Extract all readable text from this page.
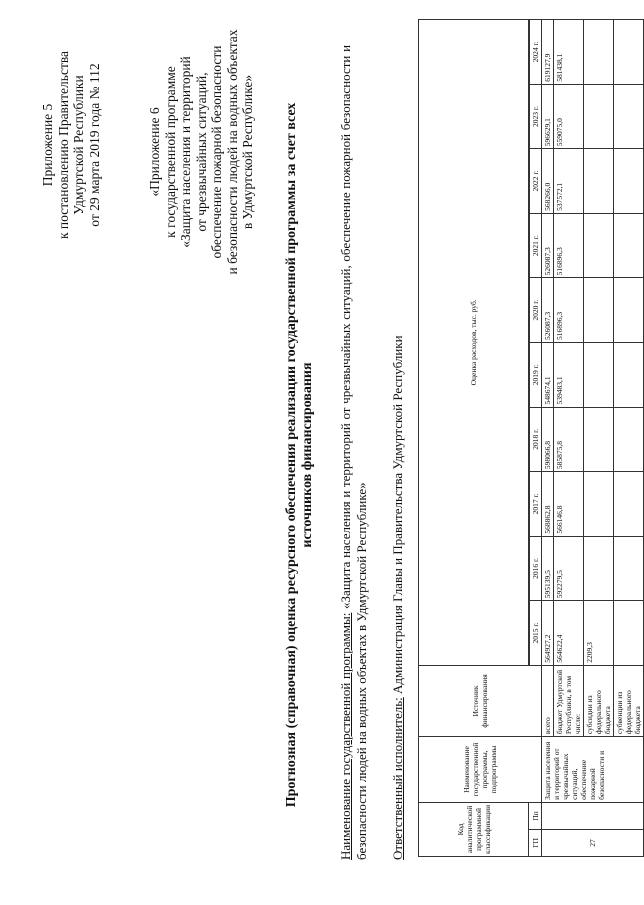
Приложение 5 к постановлению Правительства Удмуртской Республики от 29 марта 2019 года № 112	«Приложение 6 к государственной программе «Защита населения и территорий от чрезвычайных ситуаций, обеспечение пожарной безопасности и безопасности людей на водных объектах в Удмуртской Республике» Прогнозная (справочная) оценка ресурсного обеспечения реализации государственной программы за счет всех источников финансирования
Наименование государственной программы: «Защита населения и территорий от чрезвычайных ситуаций, обеспечение пожарной безопасности и безопасности людей на водных объектах в Удмуртской Республике» Ответственный исполнитель: Администрация Главы и Правительства Удмуртской Республики
Код аналитической программной классификации		Наименование государственной программы, подпрограммы	Источник финансирования	Оценка расходов, тыс. руб.									
ГП	Пп												
				2015 г.	2016 г.	2017 г.	2018 г.	2019 г.	2020 г.	2021 г.	2022 г.	2023 г.	2024 г.
27		Защита населения и территорий от чрезвычайных ситуаций, обеспечение пожарной безопасности и	всего	564927,2	595139,5	568862,8	598066,8	548674,1	526087,3	526087,3	568266,0	596629,1	619127,9
			бюджет Удмуртской Республики, в том числе:	564622,4	592279,5	566146,8	585875,8	539483,1	516896,3	516896,3	537572,1	559075,0	581438,1
			субсидии из федерального бюджета	2209,3									
			субвенции из федерального бюджета										
